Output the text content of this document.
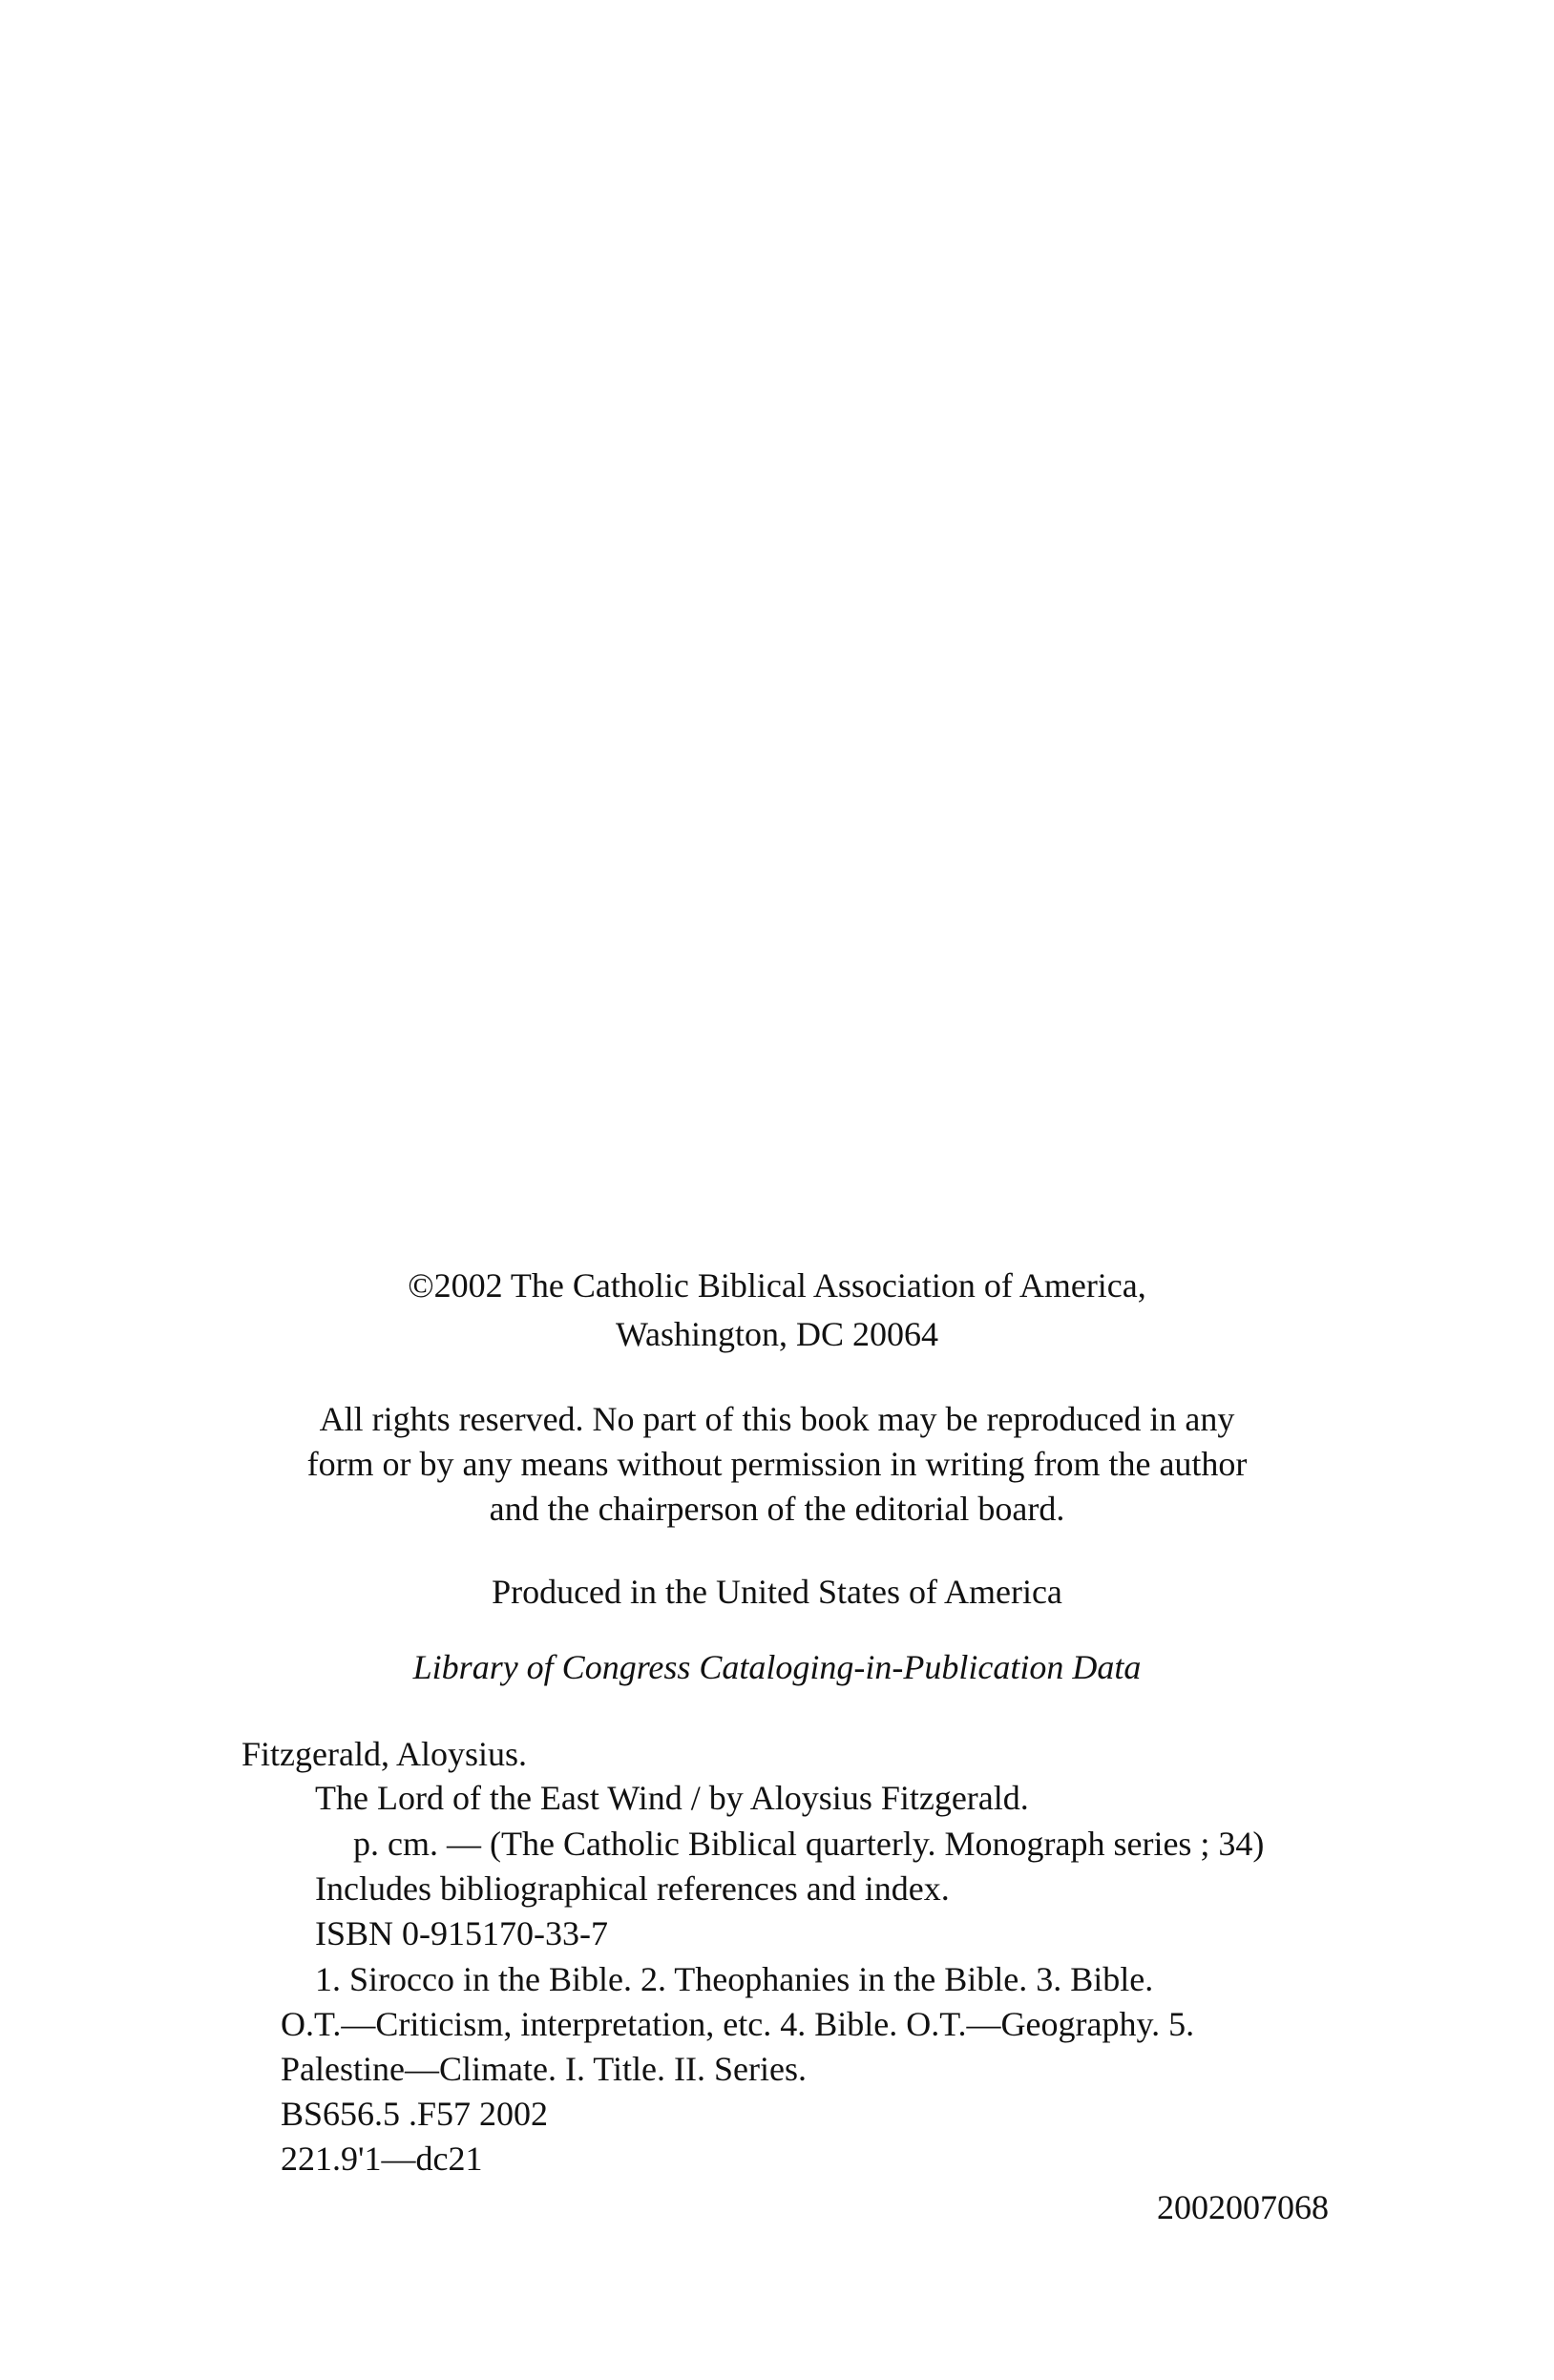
©2002 The Catholic Biblical Association of America,
Washington, DC 20064
All rights reserved. No part of this book may be reproduced in any
form or by any means without permission in writing from the author
and the chairperson of the editorial board.
Produced in the United States of America
Library of Congress Cataloging-in-Publication Data
Fitzgerald, Aloysius.
The Lord of the East Wind / by Aloysius Fitzgerald.
p. cm. — (The Catholic Biblical quarterly. Monograph series ; 34)
Includes bibliographical references and index.
ISBN 0-915170-33-7
1. Sirocco in the Bible. 2. Theophanies in the Bible. 3. Bible.
O.T.—Criticism, interpretation, etc. 4. Bible. O.T.—Geography. 5.
Palestine—Climate. I. Title. II. Series.
BS656.5 .F57 2002
221.9'1—dc21
2002007068
